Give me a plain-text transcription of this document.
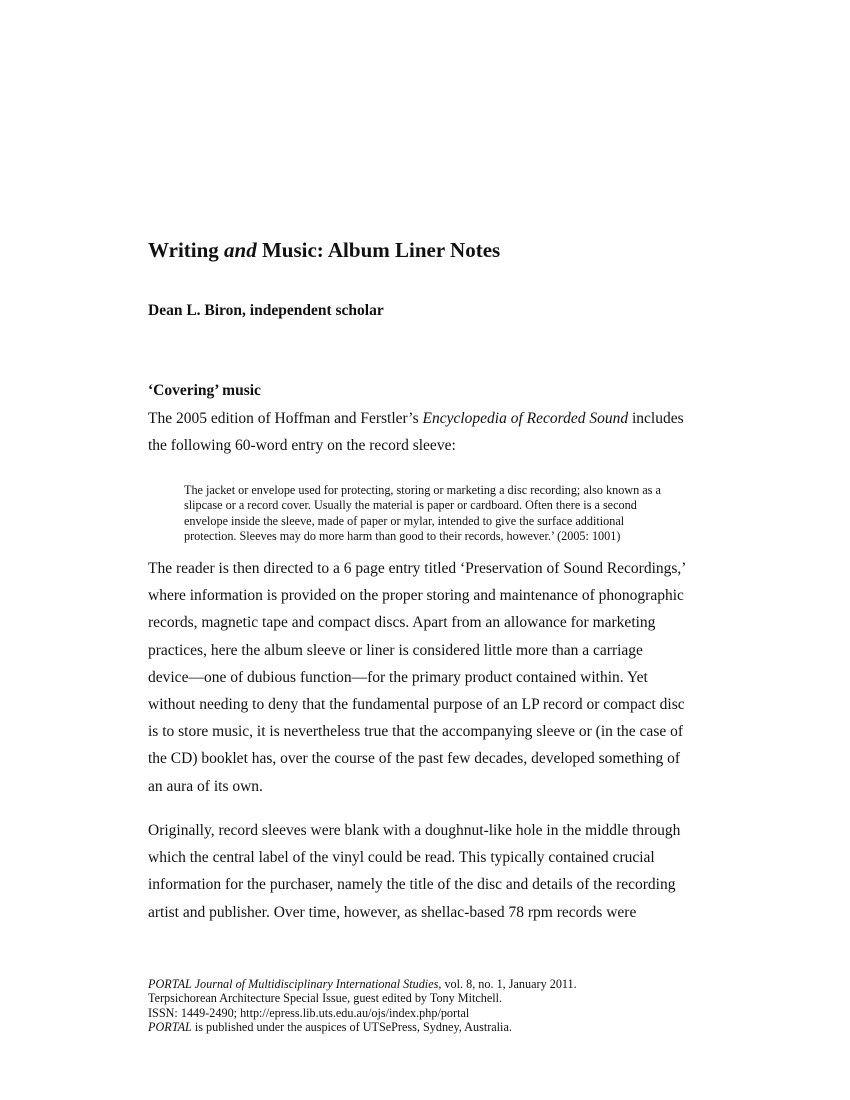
Writing and Music: Album Liner Notes
Dean L. Biron, independent scholar
‘Covering’ music
The 2005 edition of Hoffman and Ferstler’s Encyclopedia of Recorded Sound includes
the following 60-word entry on the record sleeve:
The jacket or envelope used for protecting, storing or marketing a disc recording; also known as a
slipcase or a record cover. Usually the material is paper or cardboard. Often there is a second
envelope inside the sleeve, made of paper or mylar, intended to give the surface additional
protection. Sleeves may do more harm than good to their records, however.’ (2005: 1001)
The reader is then directed to a 6 page entry titled ‘Preservation of Sound Recordings,’
where information is provided on the proper storing and maintenance of phonographic
records, magnetic tape and compact discs. Apart from an allowance for marketing
practices, here the album sleeve or liner is considered little more than a carriage
device—one of dubious function—for the primary product contained within. Yet
without needing to deny that the fundamental purpose of an LP record or compact disc
is to store music, it is nevertheless true that the accompanying sleeve or (in the case of
the CD) booklet has, over the course of the past few decades, developed something of
an aura of its own.
Originally, record sleeves were blank with a doughnut-like hole in the middle through
which the central label of the vinyl could be read. This typically contained crucial
information for the purchaser, namely the title of the disc and details of the recording
artist and publisher. Over time, however, as shellac-based 78 rpm records were
PORTAL Journal of Multidisciplinary International Studies, vol. 8, no. 1, January 2011.
Terpsichorean Architecture Special Issue, guest edited by Tony Mitchell.
ISSN: 1449-2490; http://epress.lib.uts.edu.au/ojs/index.php/portal
PORTAL is published under the auspices of UTSePress, Sydney, Australia.
